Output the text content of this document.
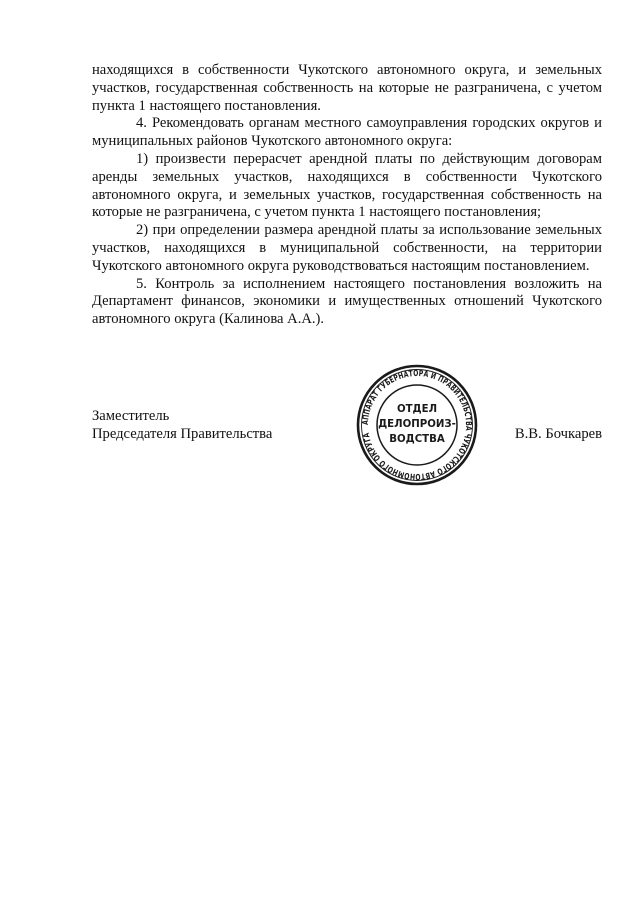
находящихся в собственности Чукотского автономного округа, и земельных участков, государственная собственность на которые не разграничена, с учетом пункта 1 настоящего постановления.

4. Рекомендовать органам местного самоуправления городских округов и муниципальных районов Чукотского автономного округа:

1) произвести перерасчет арендной платы по действующим договорам аренды земельных участков, находящихся в собственности Чукотского автономного округа, и земельных участков, государственная собственность на которые не разграничена, с учетом пункта 1 настоящего постановления;

2) при определении размера арендной платы за использование земельных участков, находящихся в муниципальной собственности, на территории Чукотского автономного округа руководствоваться настоящим постановлением.

5. Контроль за исполнением настоящего постановления возложить на Департамент финансов, экономики и имущественных отношений Чукотского автономного округа (Калинова А.А.).

Заместитель
Председателя Правительства	В.В. Бочкарев
АППАРАТ ГУБЕРНАТОРА И ПРАВИТЕЛЬСТВА ЧУКОТСКОГО АВТОНОМНОГО ОКРУГА
ОТДЕЛ
ДЕЛОПРОИЗ-
ВОДСТВА
